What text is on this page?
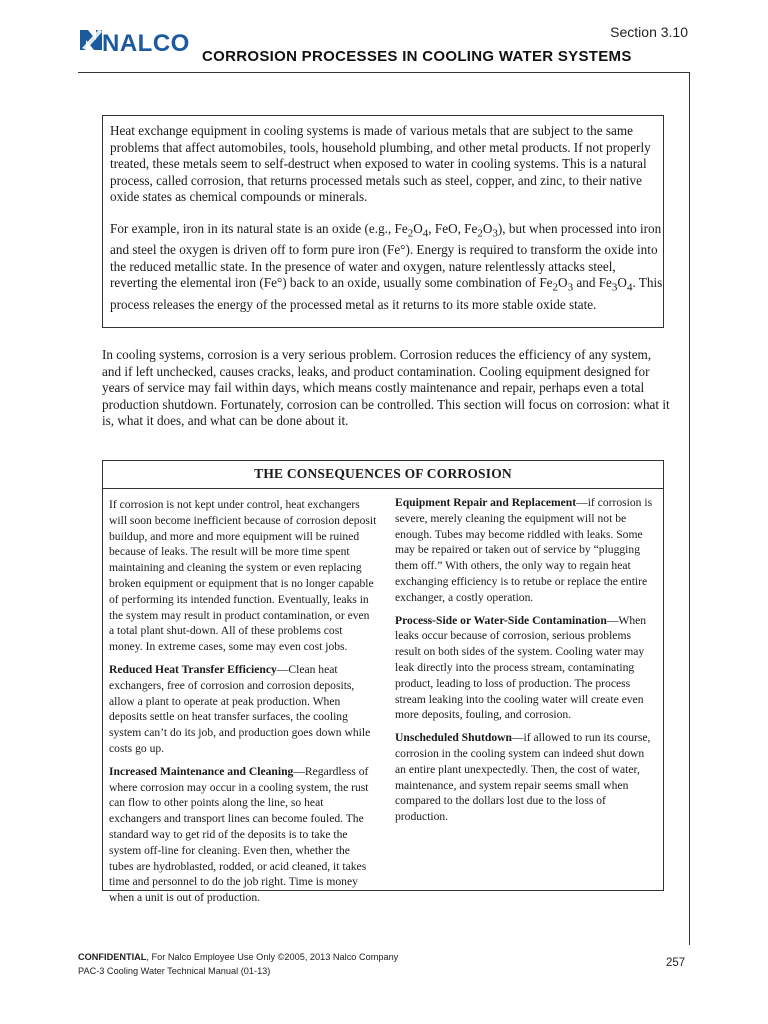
Section 3.10
NALCO CORROSION PROCESSES IN COOLING WATER SYSTEMS

Heat exchange equipment in cooling systems is made of various metals that are subject to the same problems that affect automobiles, tools, household plumbing, and other metal products. If not properly treated, these metals seem to self-destruct when exposed to water in cooling systems. This is a natural process, called corrosion, that returns processed metals such as steel, copper, and zinc, to their native oxide states as chemical compounds or minerals.

For example, iron in its natural state is an oxide (e.g., $Fe_2O_4$, FeO, $Fe_2O_3$), but when processed into iron and steel the oxygen is driven off to form pure iron (Fe°). Energy is required to transform the oxide into the reduced metallic state. In the presence of water and oxygen, nature relentlessly attacks steel, reverting the elemental iron (Fe°) back to an oxide, usually some combination of $Fe_2O_3$ and $Fe_3O_4$. This process releases the energy of the processed metal as it returns to its more stable oxide state.

In cooling systems, corrosion is a very serious problem. Corrosion reduces the efficiency of any system, and if left unchecked, causes cracks, leaks, and product contamination. Cooling equipment designed for years of service may fail within days, which means costly maintenance and repair, perhaps even a total production shutdown. Fortunately, corrosion can be controlled. This section will focus on corrosion: what it is, what it does, and what can be done about it.

THE CONSEQUENCES OF CORROSION

If corrosion is not kept under control, heat exchangers will soon become inefficient because of corrosion deposit buildup, and more and more equipment will be ruined because of leaks. The result will be more time spent maintaining and cleaning the system or even replacing broken equipment or equipment that is no longer capable of performing its intended function. Eventually, leaks in the system may result in product contamination, or even a total plant shut-down. All of these problems cost money. In extreme cases, some may even cost jobs.

Reduced Heat Transfer Efficiency—Clean heat exchangers, free of corrosion and corrosion deposits, allow a plant to operate at peak production. When deposits settle on heat transfer surfaces, the cooling system can’t do its job, and production goes down while costs go up.

Increased Maintenance and Cleaning—Regardless of where corrosion may occur in a cooling system, the rust can flow to other points along the line, so heat exchangers and transport lines can become fouled. The standard way to get rid of the deposits is to take the system off-line for cleaning. Even then, whether the tubes are hydroblasted, rodded, or acid cleaned, it takes time and personnel to do the job right. Time is money when a unit is out of production.

Equipment Repair and Replacement—if corrosion is severe, merely cleaning the equipment will not be enough. Tubes may become riddled with leaks. Some may be repaired or taken out of service by “plugging them off.” With others, the only way to regain heat exchanging efficiency is to retube or replace the entire exchanger, a costly operation.

Process-Side or Water-Side Contamination—When leaks occur because of corrosion, serious problems result on both sides of the system. Cooling water may leak directly into the process stream, contaminating product, leading to loss of production. The process stream leaking into the cooling water will create even more deposits, fouling, and corrosion.

Unscheduled Shutdown—if allowed to run its course, corrosion in the cooling system can indeed shut down an entire plant unexpectedly. Then, the cost of water, maintenance, and system repair seems small when compared to the dollars lost due to the loss of production.

CONFIDENTIAL, For Nalco Employee Use Only ©2005, 2013 Nalco Company
PAC-3 Cooling Water Technical Manual (01-13)
257
